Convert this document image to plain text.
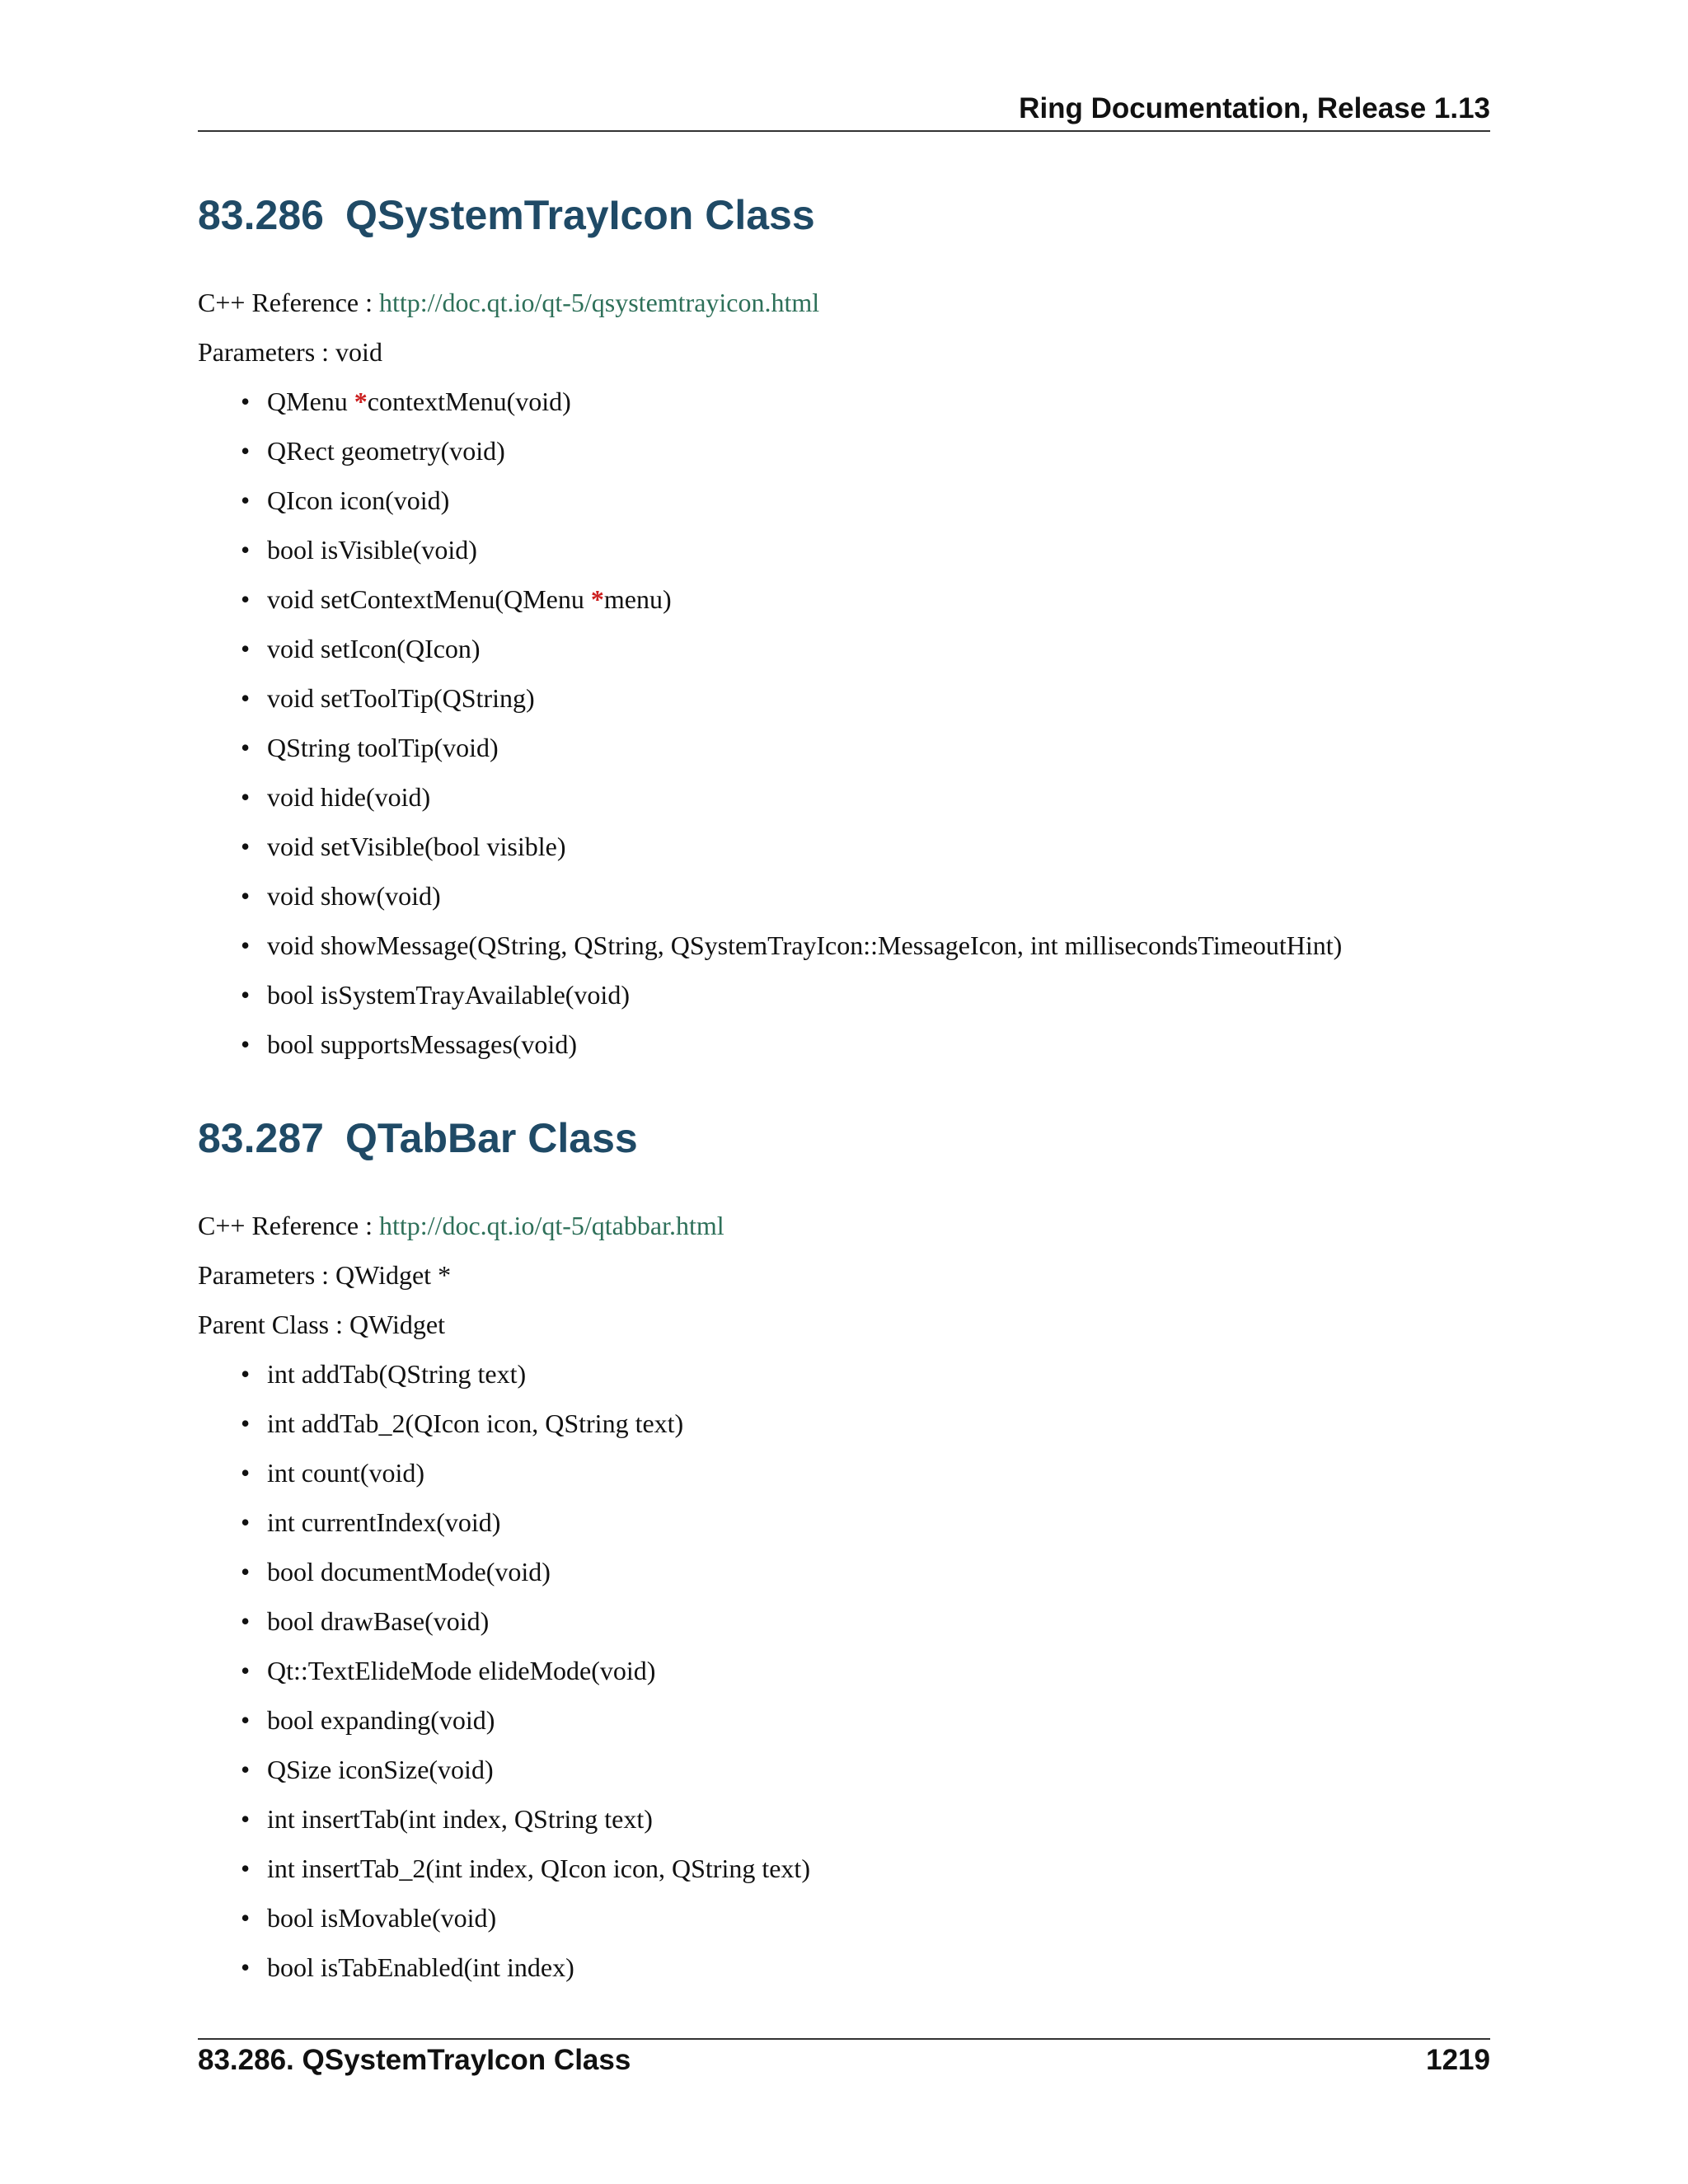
Ring Documentation, Release 1.13
83.286 QSystemTrayIcon Class
C++ Reference : http://doc.qt.io/qt-5/qsystemtrayicon.html
Parameters : void
• QMenu *contextMenu(void)
• QRect geometry(void)
• QIcon icon(void)
• bool isVisible(void)
• void setContextMenu(QMenu *menu)
• void setIcon(QIcon)
• void setToolTip(QString)
• QString toolTip(void)
• void hide(void)
• void setVisible(bool visible)
• void show(void)
• void showMessage(QString, QString, QSystemTrayIcon::MessageIcon, int millisecondsTimeoutHint)
• bool isSystemTrayAvailable(void)
• bool supportsMessages(void)
83.287 QTabBar Class
C++ Reference : http://doc.qt.io/qt-5/qtabbar.html
Parameters : QWidget *
Parent Class : QWidget
• int addTab(QString text)
• int addTab_2(QIcon icon, QString text)
• int count(void)
• int currentIndex(void)
• bool documentMode(void)
• bool drawBase(void)
• Qt::TextElideMode elideMode(void)
• bool expanding(void)
• QSize iconSize(void)
• int insertTab(int index, QString text)
• int insertTab_2(int index, QIcon icon, QString text)
• bool isMovable(void)
• bool isTabEnabled(int index)
83.286. QSystemTrayIcon Class	1219
